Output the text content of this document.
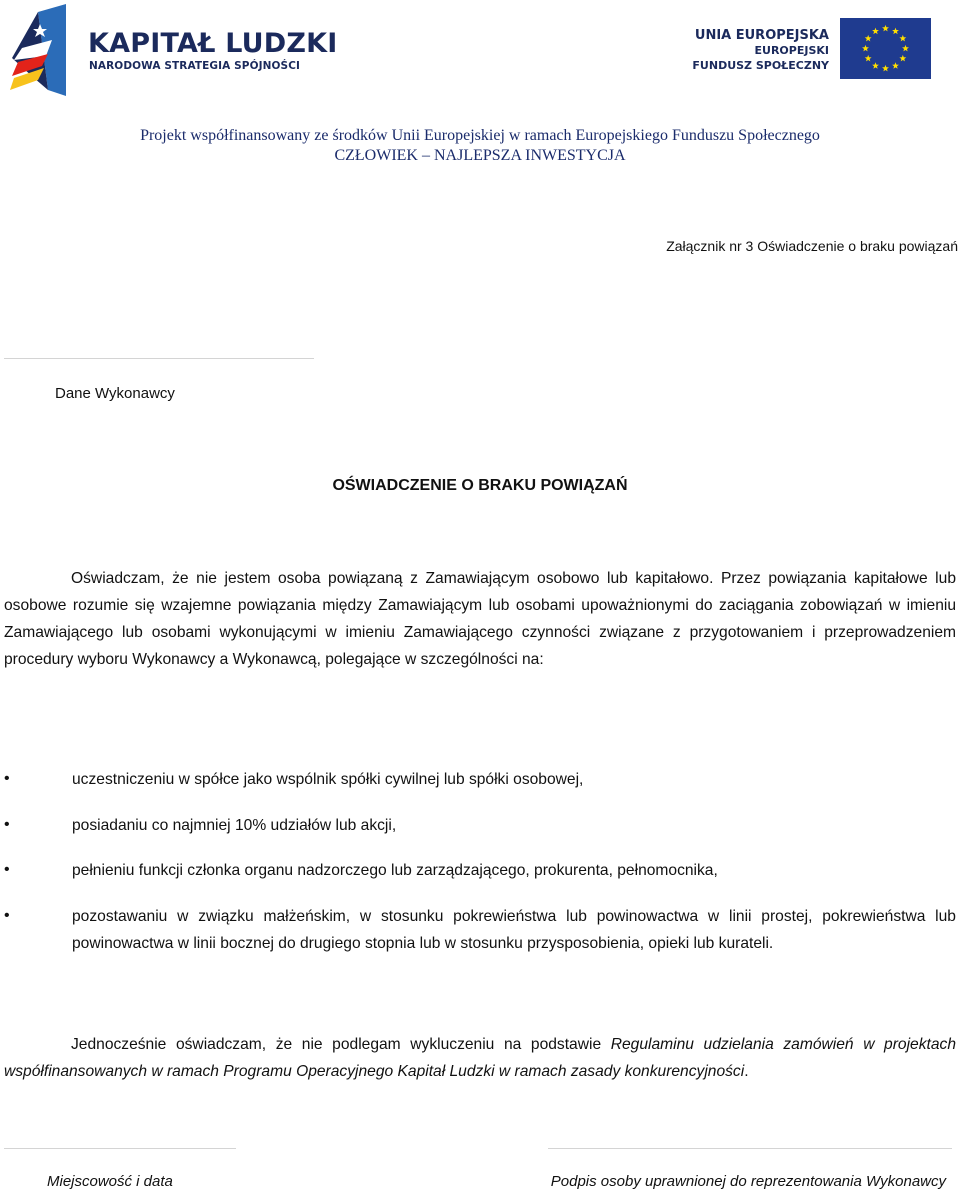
KAPITAŁ LUDZKI
NARODOWA STRATEGIA SPÓJNOŚCI
UNIA EUROPEJSKA
EUROPEJSKI
FUNDUSZ SPOŁECZNY
Projekt współfinansowany ze środków Unii Europejskiej w ramach Europejskiego Funduszu Społecznego
CZŁOWIEK – NAJLEPSZA INWESTYCJA
Załącznik nr 3 Oświadczenie o braku powiązań
Dane Wykonawcy
OŚWIADCZENIE O BRAKU POWIĄZAŃ
Oświadczam, że nie jestem osoba powiązaną z Zamawiającym osobowo lub kapitałowo. Przez powiązania kapitałowe lub osobowe rozumie się wzajemne powiązania między Zamawiającym lub osobami upoważnionymi do zaciągania zobowiązań w imieniu Zamawiającego lub osobami wykonującymi w imieniu Zamawiającego czynności związane z przygotowaniem i przeprowadzeniem procedury wyboru Wykonawcy a Wykonawcą, polegające w szczególności na:
•	uczestniczeniu w spółce jako wspólnik spółki cywilnej lub spółki osobowej,
•	posiadaniu co najmniej 10% udziałów lub akcji,
•	pełnieniu funkcji członka organu nadzorczego lub zarządzającego, prokurenta, pełnomocnika,
•	pozostawaniu w związku małżeńskim, w stosunku pokrewieństwa lub powinowactwa w linii prostej, pokrewieństwa lub powinowactwa w linii bocznej do drugiego stopnia lub w stosunku przysposobienia, opieki lub kurateli.
Jednocześnie oświadczam, że nie podlegam wykluczeniu na podstawie Regulaminu udzielania zamówień w projektach współfinansowanych w ramach Programu Operacyjnego Kapitał Ludzki w ramach zasady konkurencyjności.
Miejscowość i data	Podpis osoby uprawnionej do reprezentowania Wykonawcy
